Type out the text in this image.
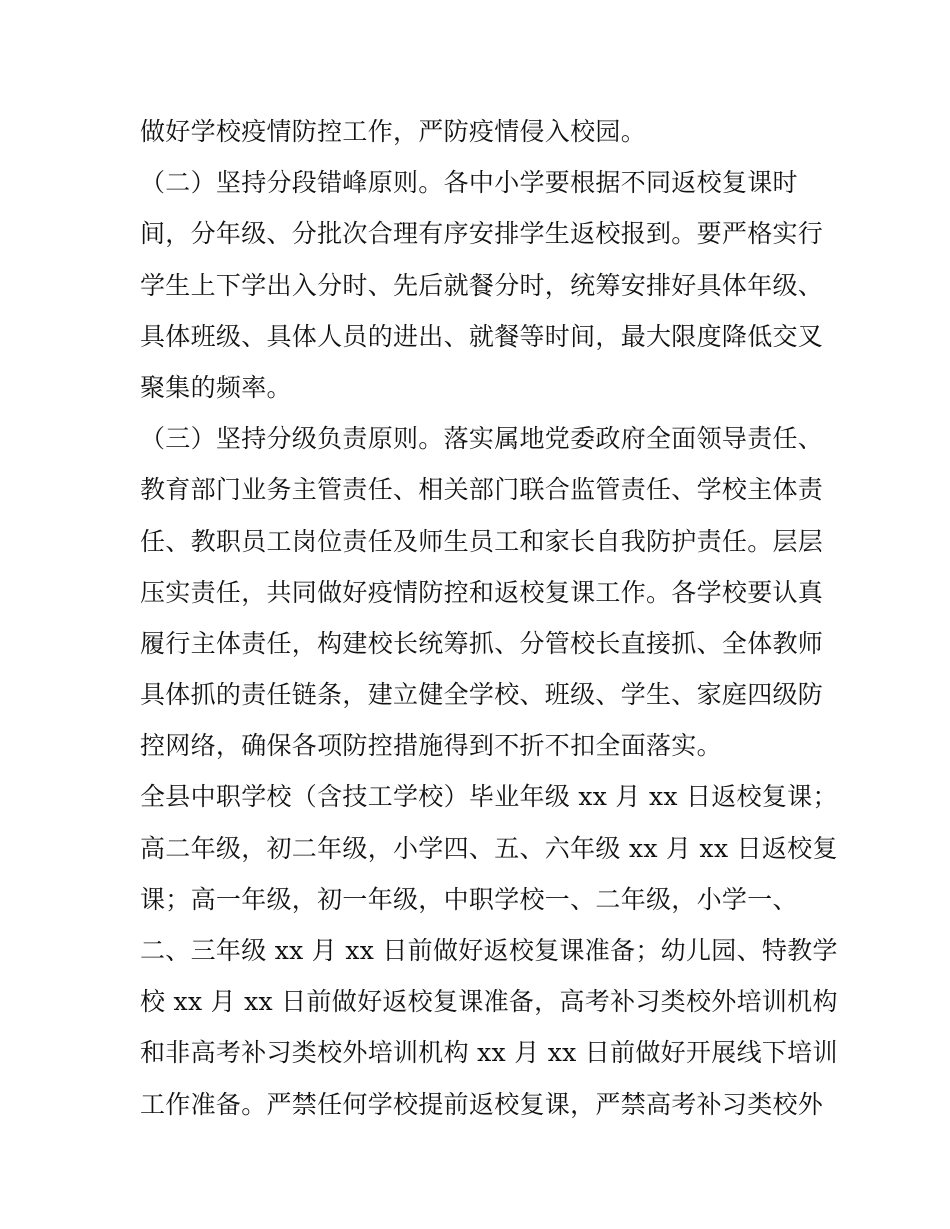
做好学校疫情防控工作，严防疫情侵入校园。
（二）坚持分段错峰原则。各中小学要根据不同返校复课时
间，分年级、分批次合理有序安排学生返校报到。要严格实行
学生上下学出入分时、先后就餐分时，统筹安排好具体年级、
具体班级、具体人员的进出、就餐等时间，最大限度降低交叉
聚集的频率。
（三）坚持分级负责原则。落实属地党委政府全面领导责任、
教育部门业务主管责任、相关部门联合监管责任、学校主体责
任、教职员工岗位责任及师生员工和家长自我防护责任。层层
压实责任，共同做好疫情防控和返校复课工作。各学校要认真
履行主体责任，构建校长统筹抓、分管校长直接抓、全体教师
具体抓的责任链条，建立健全学校、班级、学生、家庭四级防
控网络，确保各项防控措施得到不折不扣全面落实。
全县中职学校（含技工学校）毕业年级 xx 月 xx 日返校复课；
高二年级，初二年级，小学四、五、六年级 xx 月 xx 日返校复
课；高一年级，初一年级，中职学校一、二年级，小学一、
二、三年级 xx 月 xx 日前做好返校复课准备；幼儿园、特教学
校 xx 月 xx 日前做好返校复课准备，高考补习类校外培训机构
和非高考补习类校外培训机构 xx 月 xx 日前做好开展线下培训
工作准备。严禁任何学校提前返校复课，严禁高考补习类校外
